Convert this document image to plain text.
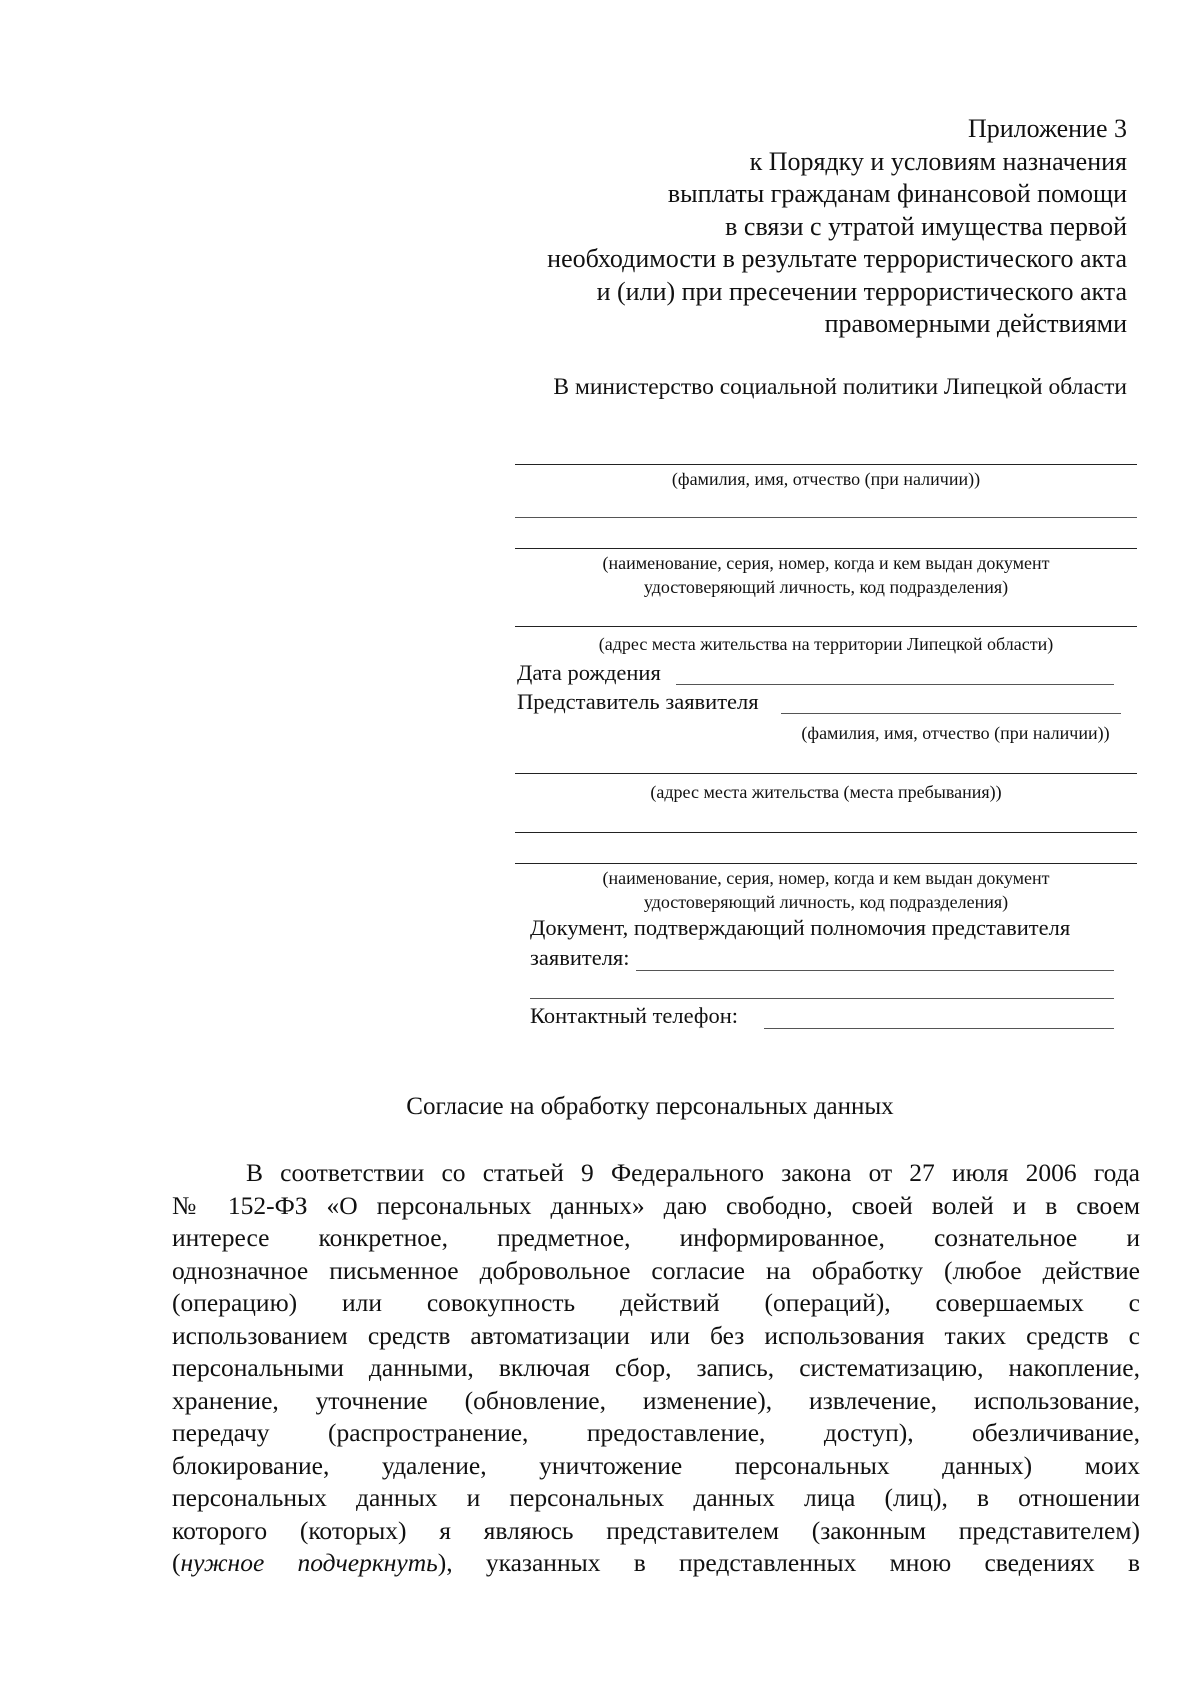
Приложение 3
к Порядку и условиям назначения
выплаты гражданам финансовой помощи
в связи с утратой имущества первой
необходимости в результате террористического акта
и (или) при пресечении террористического акта
правомерными действиями
В министерство социальной политики Липецкой области
(фамилия, имя, отчество (при наличии))
(наименование, серия, номер, когда и кем выдан документ
удостоверяющий личность, код подразделения)
(адрес места жительства на территории Липецкой области)
Дата рождения
Представитель заявителя
(фамилия, имя, отчество (при наличии))
(адрес места жительства (места пребывания))
(наименование, серия, номер, когда и кем выдан документ
удостоверяющий личность, код подразделения)
Документ, подтверждающий полномочия представителя
заявителя:
Контактный телефон:
Согласие на обработку персональных данных
В соответствии со статьей 9 Федерального закона от 27 июля 2006 года
№ 152-ФЗ «О персональных данных» даю свободно, своей волей и в своем
интересе конкретное, предметное, информированное, сознательное и
однозначное письменное добровольное согласие на обработку (любое действие
(операцию) или совокупность действий (операций), совершаемых с
использованием средств автоматизации или без использования таких средств с
персональными данными, включая сбор, запись, систематизацию, накопление,
хранение, уточнение (обновление, изменение), извлечение, использование,
передачу (распространение, предоставление, доступ), обезличивание,
блокирование, удаление, уничтожение персональных данных) моих
персональных данных и персональных данных лица (лиц), в отношении
которого (которых) я являюсь представителем (законным представителем)
(нужное подчеркнуть), указанных в представленных мною сведениях в
